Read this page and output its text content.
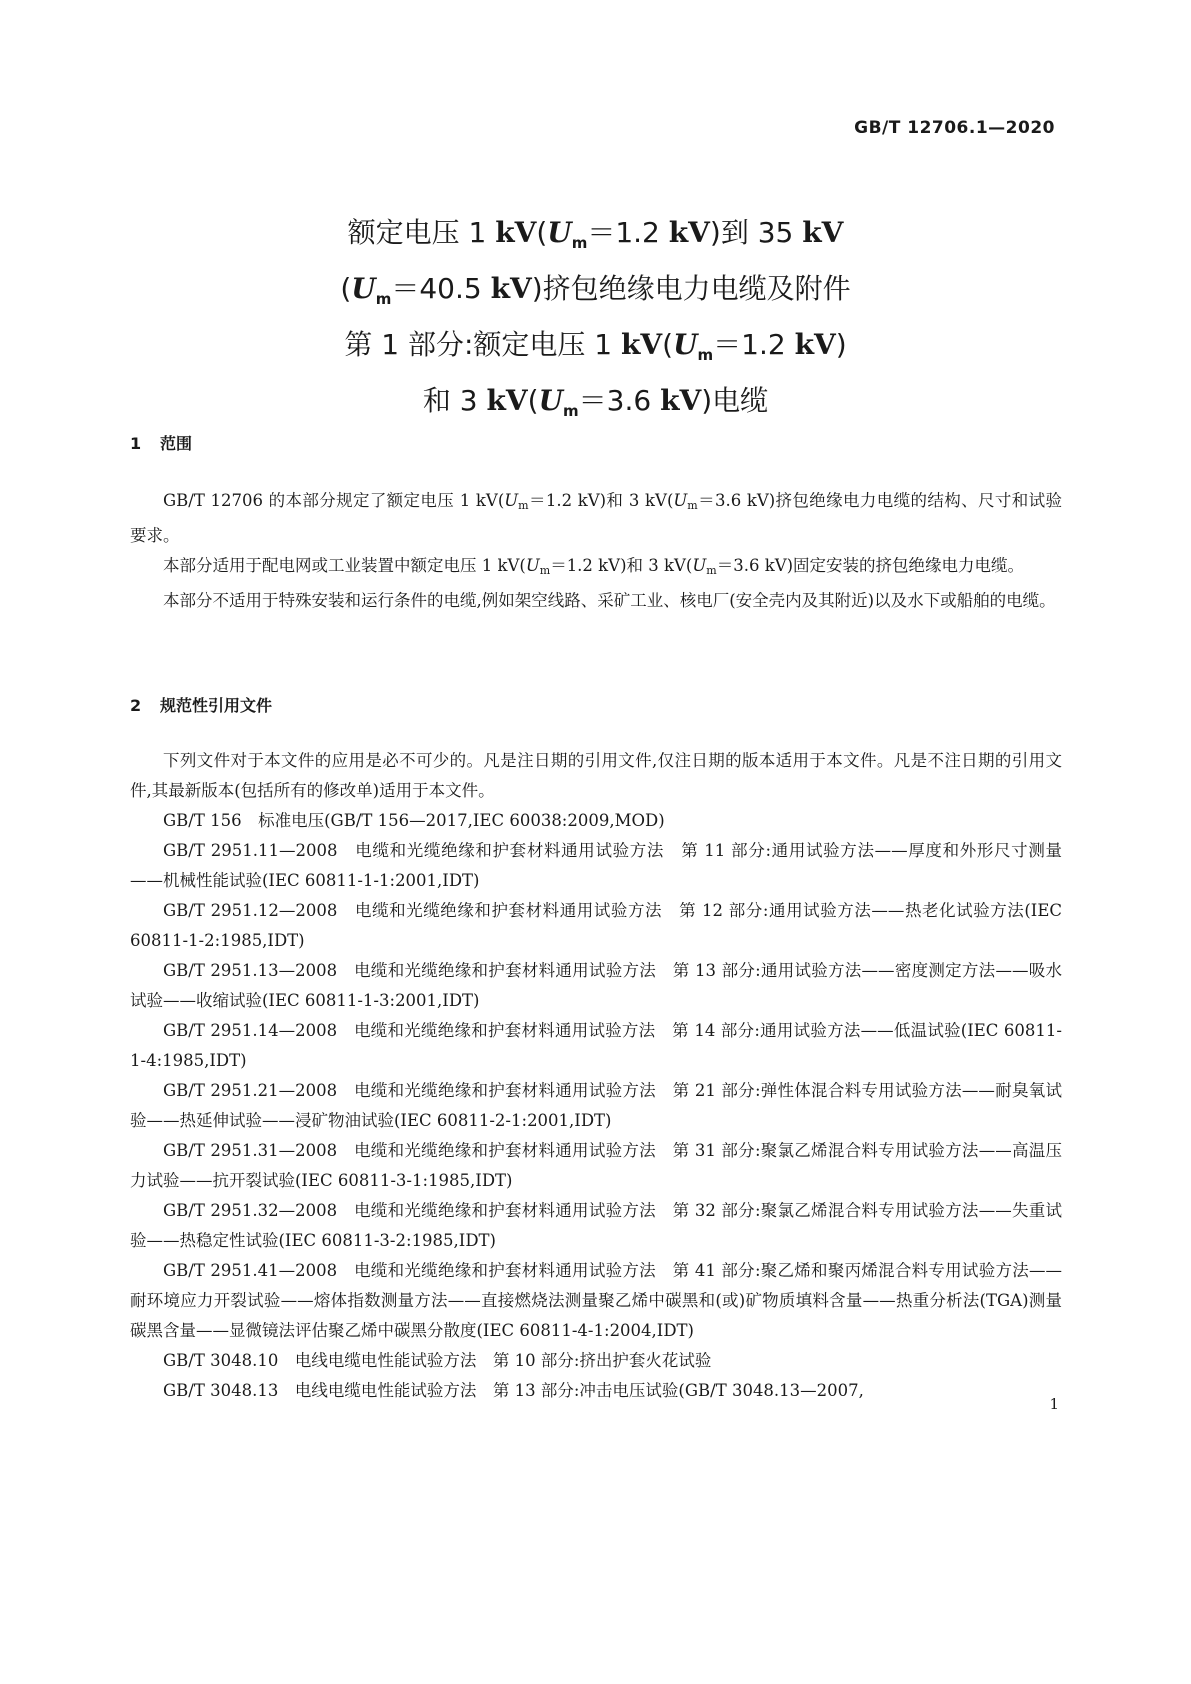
GB/T 12706.1—2020
额定电压 1 $kV(U_m=1.2$ kV)到 35 kV
($U_m=40.5$ kV)挤包绝缘电力电缆及附件
第 1 部分:额定电压 1 $kV(U_m=1.2$ kV)
和 3 $kV(U_m=3.6$ kV)电缆
1 范围

GB/T 12706 的本部分规定了额定电压 1 $kV(U_m=1.2$ kV)和 3 $kV(U_m=3.6$ kV)挤包绝缘电力电缆的结构、尺寸和试验要求。

本部分适用于配电网或工业装置中额定电压 1 $kV(U_m=1.2$ kV)和 3 $kV(U_m=3.6$ kV)固定安装的挤包绝缘电力电缆。

本部分不适用于特殊安装和运行条件的电缆,例如架空线路、采矿工业、核电厂(安全壳内及其附近)以及水下或船舶的电缆。

2 规范性引用文件

下列文件对于本文件的应用是必不可少的。凡是注日期的引用文件,仅注日期的版本适用于本文件。凡是不注日期的引用文件,其最新版本(包括所有的修改单)适用于本文件。

GB/T 156　标准电压(GB/T 156—2017,IEC 60038:2009,MOD)

GB/T 2951.11—2008　电缆和光缆绝缘和护套材料通用试验方法　第 11 部分:通用试验方法——厚度和外形尺寸测量——机械性能试验(IEC 60811-1-1:2001,IDT)

GB/T 2951.12—2008　电缆和光缆绝缘和护套材料通用试验方法　第 12 部分:通用试验方法——热老化试验方法(IEC 60811-1-2:1985,IDT)

GB/T 2951.13—2008　电缆和光缆绝缘和护套材料通用试验方法　第 13 部分:通用试验方法——密度测定方法——吸水试验——收缩试验(IEC 60811-1-3:2001,IDT)

GB/T 2951.14—2008　电缆和光缆绝缘和护套材料通用试验方法　第 14 部分:通用试验方法——低温试验(IEC 60811-1-4:1985,IDT)

GB/T 2951.21—2008　电缆和光缆绝缘和护套材料通用试验方法　第 21 部分:弹性体混合料专用试验方法——耐臭氧试验——热延伸试验——浸矿物油试验(IEC 60811-2-1:2001,IDT)

GB/T 2951.31—2008　电缆和光缆绝缘和护套材料通用试验方法　第 31 部分:聚氯乙烯混合料专用试验方法——高温压力试验——抗开裂试验(IEC 60811-3-1:1985,IDT)

GB/T 2951.32—2008　电缆和光缆绝缘和护套材料通用试验方法　第 32 部分:聚氯乙烯混合料专用试验方法——失重试验——热稳定性试验(IEC 60811-3-2:1985,IDT)

GB/T 2951.41—2008　电缆和光缆绝缘和护套材料通用试验方法　第 41 部分:聚乙烯和聚丙烯混合料专用试验方法——耐环境应力开裂试验——熔体指数测量方法——直接燃烧法测量聚乙烯中碳黑和(或)矿物质填料含量——热重分析法(TGA)测量碳黑含量——显微镜法评估聚乙烯中碳黑分散度(IEC 60811-4-1:2004,IDT)

GB/T 3048.10　电线电缆电性能试验方法　第 10 部分:挤出护套火花试验

GB/T 3048.13　电线电缆电性能试验方法　第 13 部分:冲击电压试验(GB/T 3048.13—2007,

1
